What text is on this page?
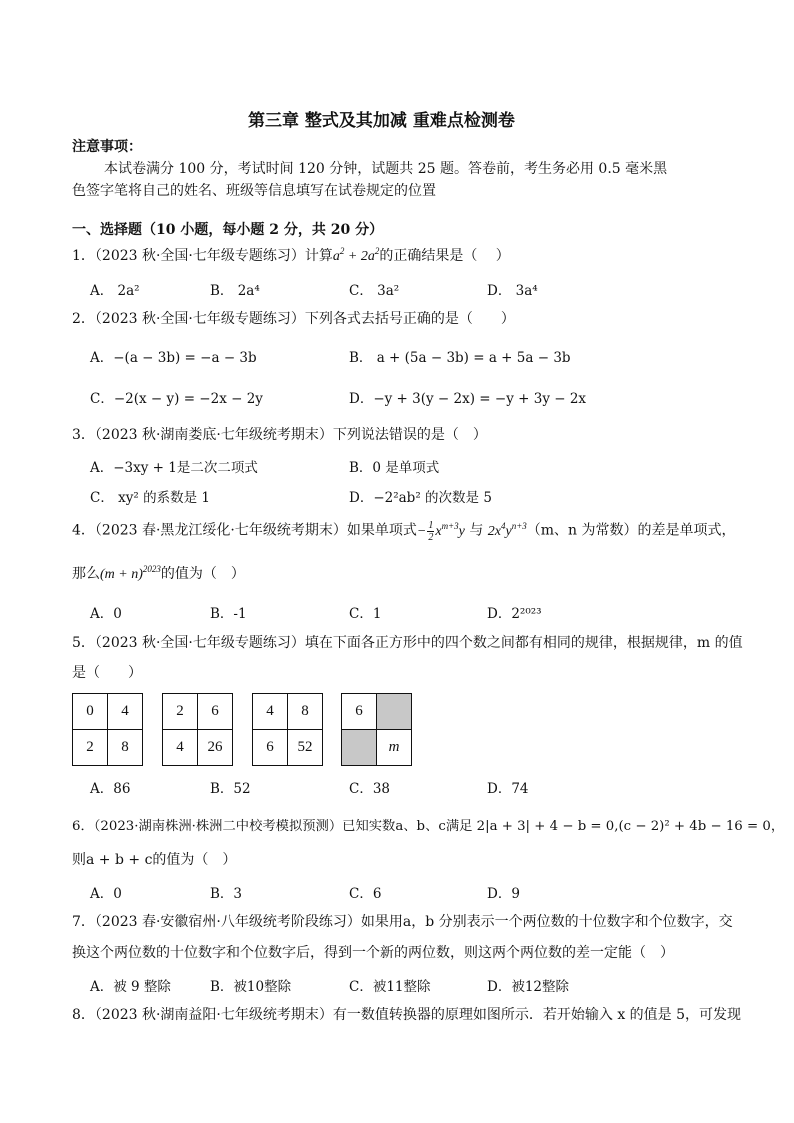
第三章 整式及其加减 重难点检测卷
注意事项：
本试卷满分 100 分，考试时间 120 分钟，试题共 25 题。答卷前，考生务必用 0.5 毫米黑
色签字笔将自己的姓名、班级等信息填写在试卷规定的位置
一、选择题（10 小题，每小题 2 分，共 20 分）
1．（2023 秋·全国·七年级专题练习）计算$a^2 + 2a^2$的正确结果是（　 ）
A． 2a²	B． 2a⁴	C． 3a²	D． 3a⁴
2．（2023 秋·全国·七年级专题练习）下列各式去括号正确的是（　　）
A．−(a − 3b) = −a − 3b	B． a + (5a − 3b) = a + 5a − 3b
C．−2(x − y) = −2x − 2y	D．−y + 3(y − 2x) = −y + 3y − 2x
3．（2023 秋·湖南娄底·七年级统考期末）下列说法错误的是（　）
A．−3xy + 1是二次二项式	B．0 是单项式
C． xy² 的系数是 1	D．−2²ab² 的次数是 5
4．（2023 春·黑龙江绥化·七年级统考期末）如果单项式− $\frac{1}{2} x^{m+3}y$ 与 $2x^4y^{n+3}(m$、n 为常数）的差是单项式，
那么$(m + n)^{2023}$的值为（　）
A．0	B．-1	C．1	D．2²⁰²³
5．（2023 秋·全国·七年级专题练习）填在下面各正方形中的四个数之间都有相同的规律，根据规律，m 的值
是（　　）
0	4
2	8
2	6
4	26
4	8
6	52
6	
	m
A．86	B．52	C．38	D．74
6．（2023·湖南株洲·株洲二中校考模拟预测）已知实数a、b、c满足 2|a + 3| + 4 − b = 0,(c − 2)² + 4b − 16 = 0，
则a + b + c的值为（　）
A．0	B．3	C．6	D．9
7．（2023 春·安徽宿州·八年级统考阶段练习）如果用a，b 分别表示一个两位数的十位数字和个位数字，交
换这个两位数的十位数字和个位数字后，得到一个新的两位数，则这两个两位数的差一定能（　）
A．被 9 整除	B．被10整除	C．被11整除	D．被12整除
8．（2023 秋·湖南益阳·七年级统考期末）有一数值转换器的原理如图所示．若开始输入 x 的值是 5，可发现
